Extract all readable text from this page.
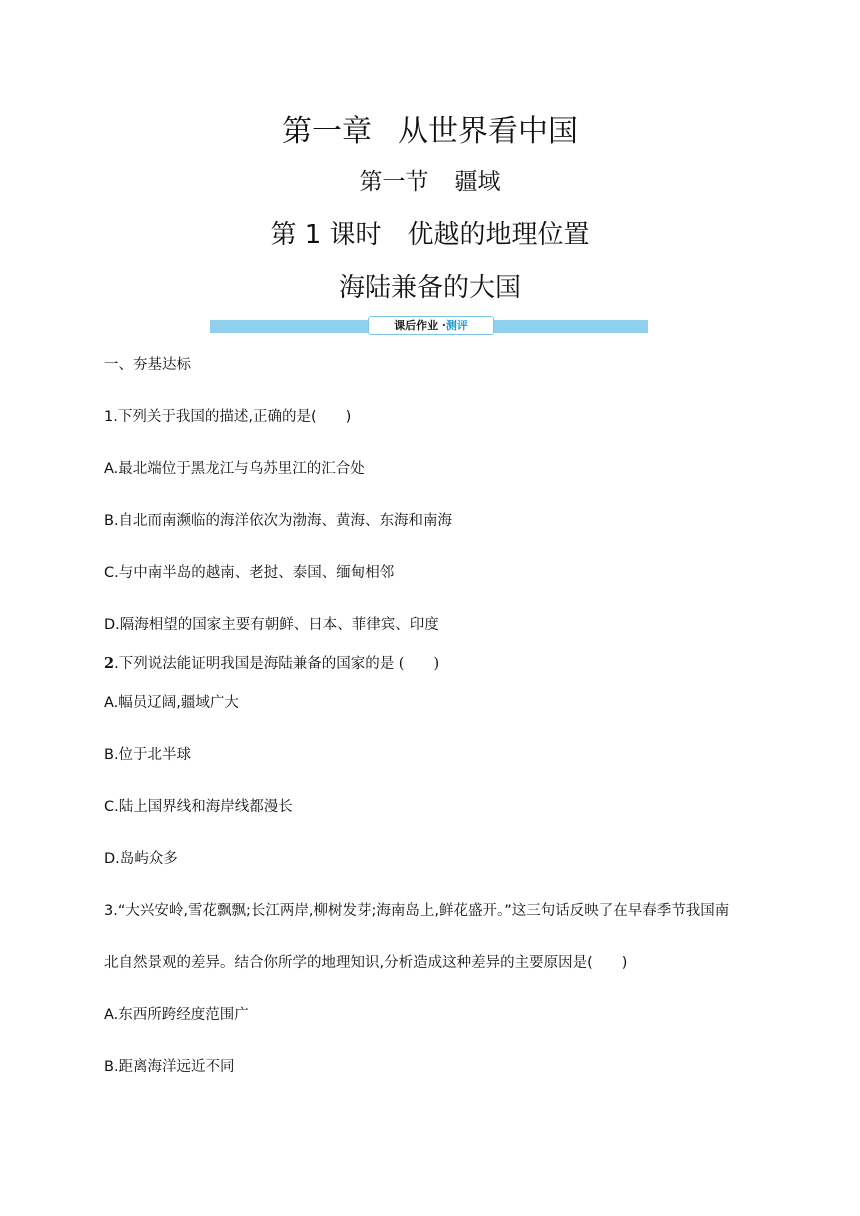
第一章 从世界看中国
第一节 疆域
第 1 课时 优越的地理位置
海陆兼备的大国
课后作业 ·测评
一、夯基达标
1.下列关于我国的描述,正确的是(　　)
A.最北端位于黑龙江与乌苏里江的汇合处
B.自北而南濒临的海洋依次为渤海、黄海、东海和南海
C.与中南半岛的越南、老挝、泰国、缅甸相邻
D.隔海相望的国家主要有朝鲜、日本、菲律宾、印度
2.下列说法能证明我国是海陆兼备的国家的是 (　　)
A.幅员辽阔,疆域广大
B.位于北半球
C.陆上国界线和海岸线都漫长
D.岛屿众多
3.“大兴安岭,雪花飘飘;长江两岸,柳树发芽;海南岛上,鲜花盛开。”这三句话反映了在早春季节我国南
北自然景观的差异。结合你所学的地理知识,分析造成这种差异的主要原因是(　　)
A.东西所跨经度范围广
B.距离海洋远近不同
